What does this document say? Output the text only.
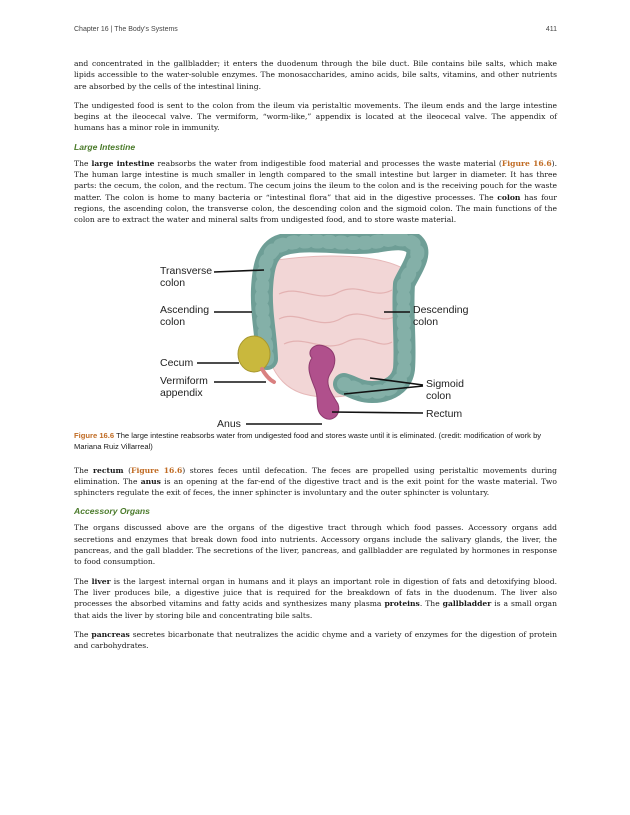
Chapter 16 | The Body's Systems	411

and concentrated in the gallbladder; it enters the duodenum through the bile duct. Bile contains bile salts, which make lipids accessible to the water-soluble enzymes. The monosaccharides, amino acids, bile salts, vitamins, and other nutrients are absorbed by the cells of the intestinal lining.

The undigested food is sent to the colon from the ileum via peristaltic movements. The ileum ends and the large intestine begins at the ileocecal valve. The vermiform, “worm-like,” appendix is located at the ileocecal valve. The appendix of humans has a minor role in immunity.

Large Intestine

The large intestine reabsorbs the water from indigestible food material and processes the waste material (Figure 16.6). The human large intestine is much smaller in length compared to the small intestine but larger in diameter. It has three parts: the cecum, the colon, and the rectum. The cecum joins the ileum to the colon and is the receiving pouch for the waste matter. The colon is home to many bacteria or “intestinal flora” that aid in the digestive processes. The colon has four regions, the ascending colon, the transverse colon, the descending colon and the sigmoid colon. The main functions of the colon are to extract the water and mineral salts from undigested food, and to store waste material.

Transverse
colon
Ascending
colon
Cecum
Vermiform
appendix
Anus
Descending
colon
Sigmoid
colon
Rectum

Figure 16.6 The large intestine reabsorbs water from undigested food and stores waste until it is eliminated. (credit: modification of work by Mariana Ruiz Villarreal)

The rectum (Figure 16.6) stores feces until defecation. The feces are propelled using peristaltic movements during elimination. The anus is an opening at the far-end of the digestive tract and is the exit point for the waste material. Two sphincters regulate the exit of feces, the inner sphincter is involuntary and the outer sphincter is voluntary.

Accessory Organs

The organs discussed above are the organs of the digestive tract through which food passes. Accessory organs add secretions and enzymes that break down food into nutrients. Accessory organs include the salivary glands, the liver, the pancreas, and the gall bladder. The secretions of the liver, pancreas, and gallbladder are regulated by hormones in response to food consumption.

The liver is the largest internal organ in humans and it plays an important role in digestion of fats and detoxifying blood. The liver produces bile, a digestive juice that is required for the breakdown of fats in the duodenum. The liver also processes the absorbed vitamins and fatty acids and synthesizes many plasma proteins. The gallbladder is a small organ that aids the liver by storing bile and concentrating bile salts.

The pancreas secretes bicarbonate that neutralizes the acidic chyme and a variety of enzymes for the digestion of protein and carbohydrates.
